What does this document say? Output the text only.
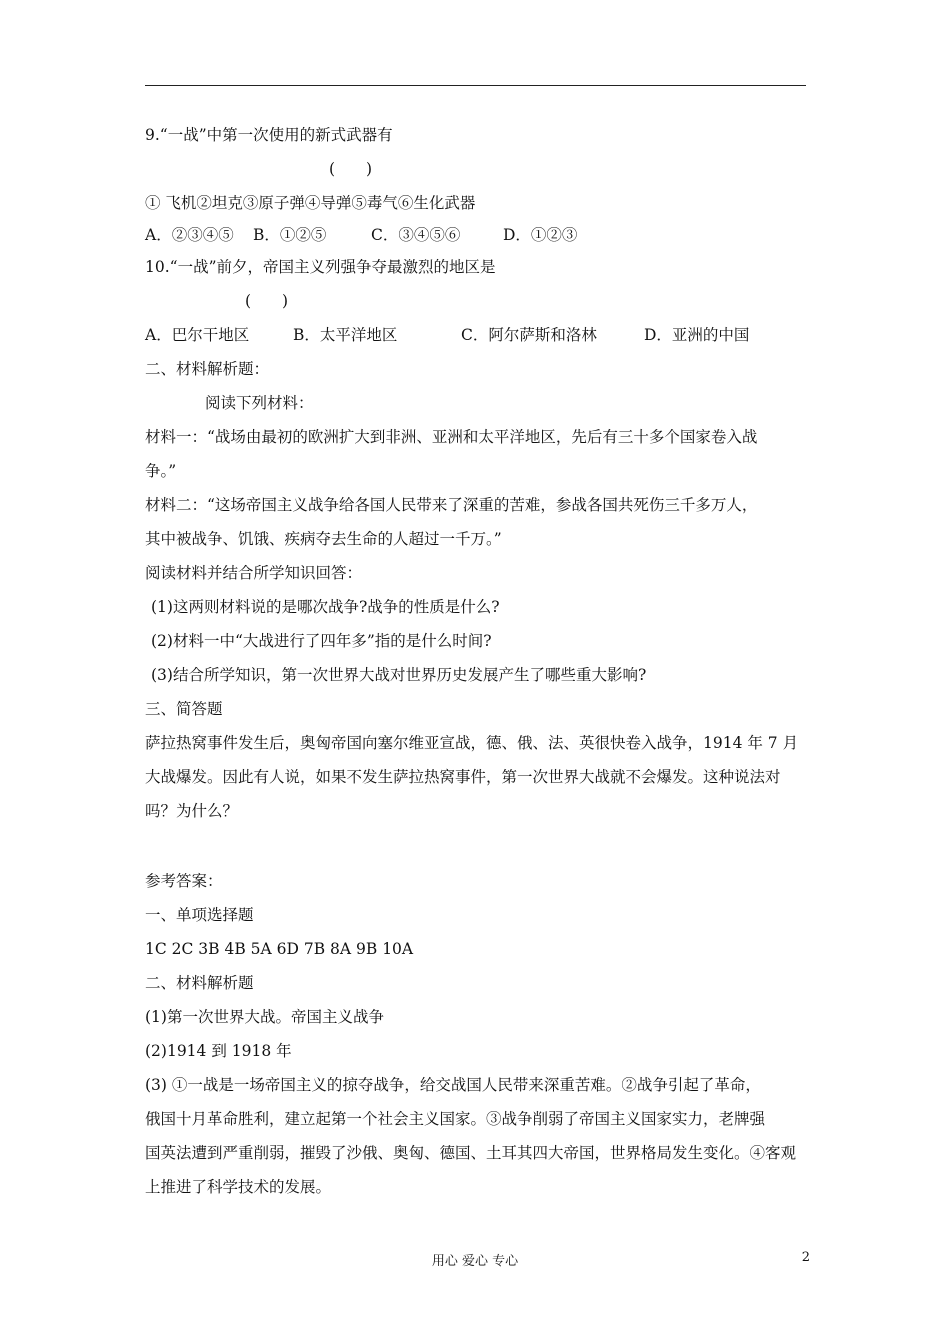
9.“一战”中第一次使用的新式武器有
(　　)
① 飞机②坦克③原子弹④导弹⑤毒气⑥生化武器
A．②③④⑤ B．①②⑤	C．③④⑤⑥	D．①②③
10.“一战”前夕，帝国主义列强争夺最激烈的地区是
(　　)
A．巴尔干地区	B．太平洋地区	C．阿尔萨斯和洛林	D．亚洲的中国
二、材料解析题：
阅读下列材料：
材料一：“战场由最初的欧洲扩大到非洲、亚洲和太平洋地区，先后有三十多个国家卷入战
争。”
材料二：“这场帝国主义战争给各国人民带来了深重的苦难，参战各国共死伤三千多万人，
其中被战争、饥饿、疾病夺去生命的人超过一千万。”
阅读材料并结合所学知识回答：
(1)这两则材料说的是哪次战争?战争的性质是什么?
(2)材料一中“大战进行了四年多”指的是什么时间?
(3)结合所学知识，第一次世界大战对世界历史发展产生了哪些重大影响?
三、简答题
萨拉热窝事件发生后，奥匈帝国向塞尔维亚宣战，德、俄、法、英很快卷入战争，1914 年 7 月
大战爆发。因此有人说，如果不发生萨拉热窝事件，第一次世界大战就不会爆发。这种说法对
吗？为什么？
参考答案：
一、单项选择题
1C 2C 3B 4B 5A 6D 7B 8A 9B 10A
二、材料解析题
(1)第一次世界大战。帝国主义战争
(2)1914 到 1918 年
(3) ①一战是一场帝国主义的掠夺战争，给交战国人民带来深重苦难。②战争引起了革命，
俄国十月革命胜利，建立起第一个社会主义国家。③战争削弱了帝国主义国家实力，老牌强
国英法遭到严重削弱，摧毁了沙俄、奥匈、德国、土耳其四大帝国，世界格局发生变化。④客观
上推进了科学技术的发展。
用心 爱心 专心	2
